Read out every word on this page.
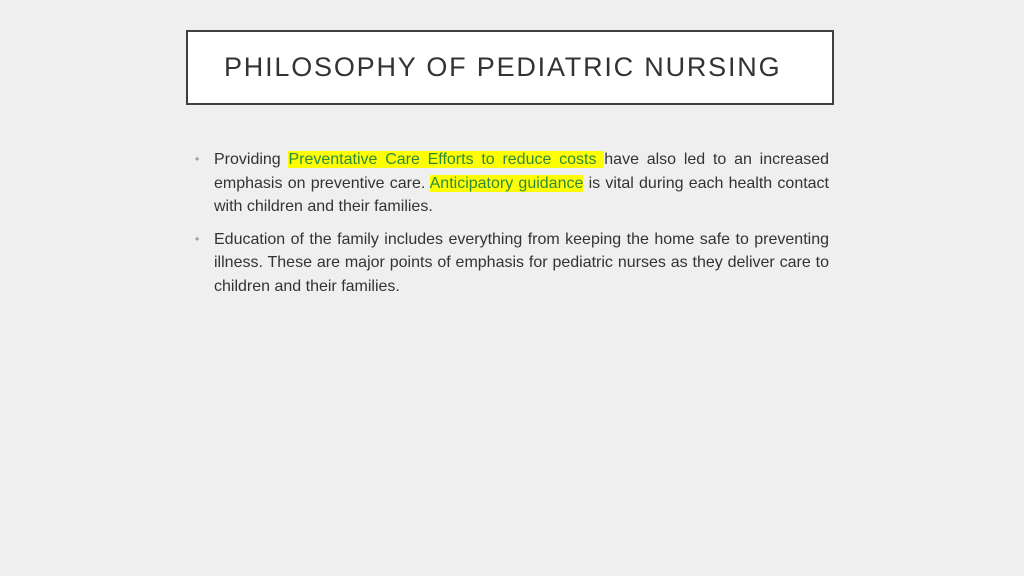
PHILOSOPHY OF PEDIATRIC NURSING
• Providing Preventative Care Efforts to reduce costs have also led to an increased emphasis on preventive care. Anticipatory guidance is vital during each health contact with children and their families.
• Education of the family includes everything from keeping the home safe to preventing illness. These are major points of emphasis for pediatric nurses as they deliver care to children and their families.
